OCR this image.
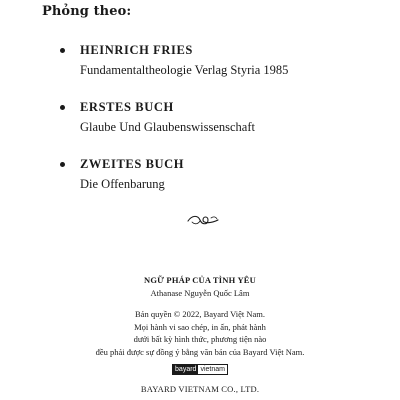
Phỏng theo:
HEINRICH FRIES
Fundamentaltheologie Verlag Styria 1985
ERSTES BUCH
Glaube Und Glaubenswissenschaft
ZWEITES BUCH
Die Offenbarung
NGỮ PHÁP CỦA TÌNH YÊU
Athanase Nguyễn Quốc Lâm
Bản quyền © 2022, Bayard Việt Nam.
Mọi hành vi sao chép, in ấn, phát hành
dưới bất kỳ hình thức, phương tiện nào
đều phải được sự đồng ý bằng văn bản của Bayard Việt Nam.
bayard vietnam
BAYARD VIETNAM CO., LTD.
